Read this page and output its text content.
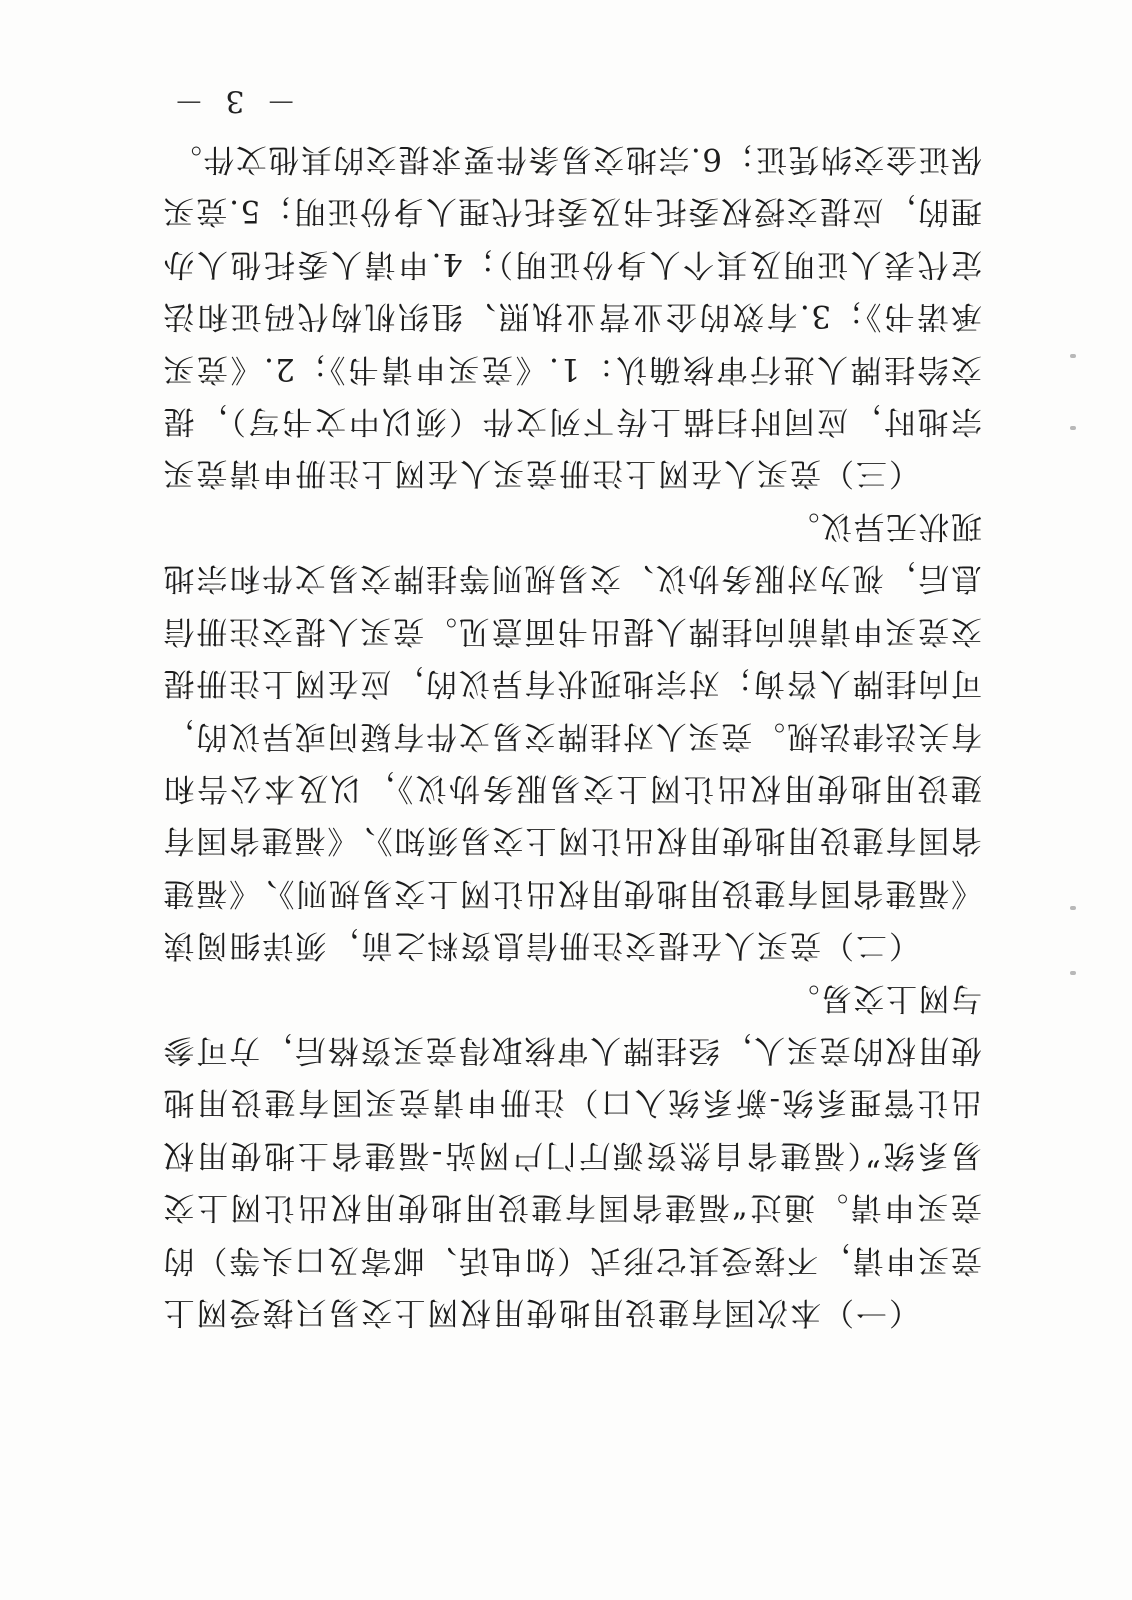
（一）本次国有建设用地使用权网上交易只接受网上竞买申请，不接受其它形式（如电话、邮寄及口头等）的竞买申请。通过“福建省国有建设用地使用权出让网上交易系统”（福建省自然资源厅门户网站-福建省土地使用权出让管理系统-新系统入口）注册申请竞买国有建设用地使用权的竞买人，经挂牌人审核取得竞买资格后，方可参与网上交易。

（二）竞买人在提交注册信息资料之前，须详细阅读《福建省国有建设用地使用权出让网上交易规则》、《福建省国有建设用地使用权出让网上交易须知》、《福建省国有建设用地使用权出让网上交易服务协议》，以及本公告和有关法律法规。竞买人对挂牌交易文件有疑问或异议的，可向挂牌人咨询；对宗地现状有异议的，应在网上注册提交竞买申请前向挂牌人提出书面意见。竞买人提交注册信息后，视为对服务协议、交易规则等挂牌交易文件和宗地现状无异议。

（三）竞买人在网上注册竞买人在网上注册申请竞买宗地时，应同时扫描上传下列文件（须以中文书写），提交给挂牌人进行审核确认：1.《竞买申请书》；2.《竞买承诺书》；3.有效的企业营业执照、组织机构代码证和法定代表人证明及其个人身份证明）；4.申请人委托他人办理的，应提交授权委托书及委托代理人身份证明；5.竞买保证金交纳凭证；6.宗地交易条件要求提交的其他文件。

－ 3 －
